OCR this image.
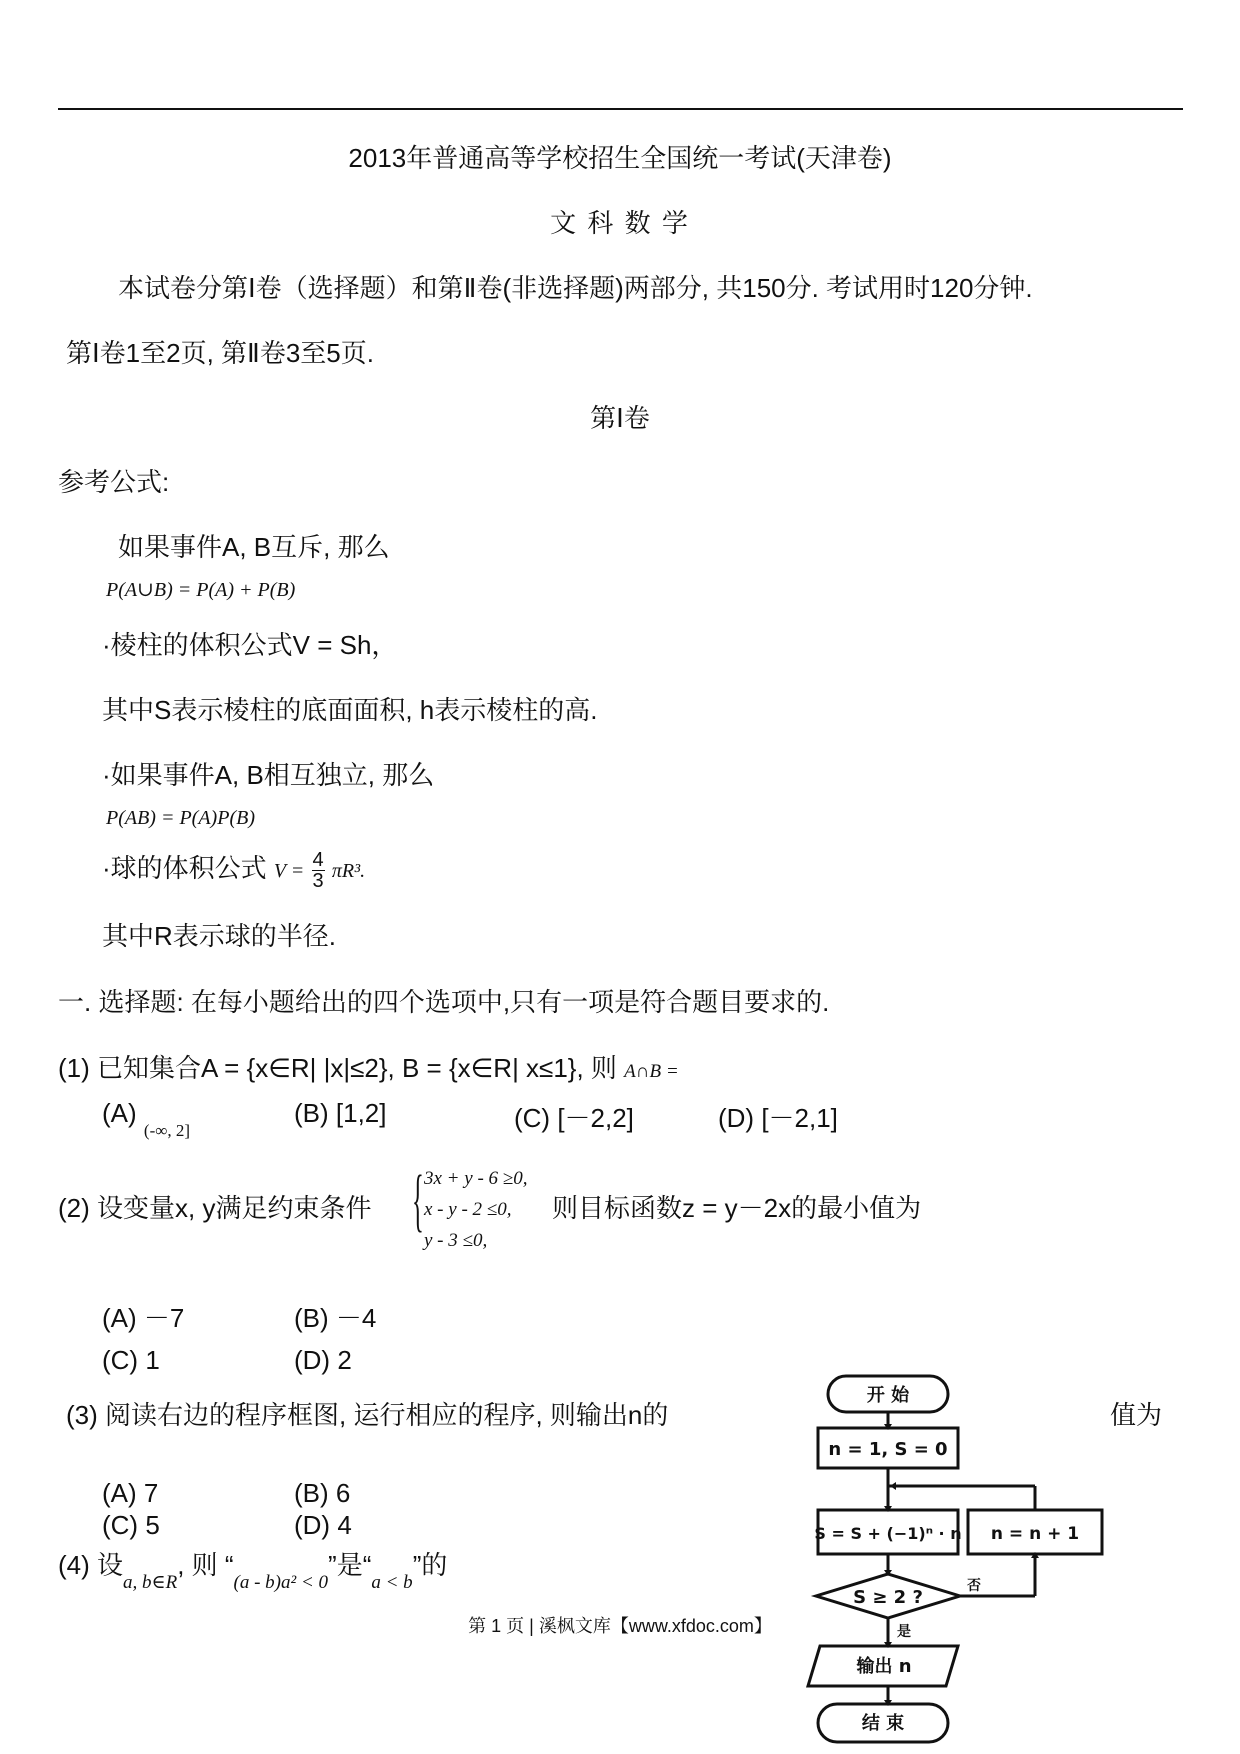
2013年普通高等学校招生全国统一考试(天津卷)
文 科 数 学
本试卷分第Ⅰ卷（选择题）和第Ⅱ卷(非选择题)两部分, 共150分. 考试用时120分钟.
第Ⅰ卷1至2页, 第Ⅱ卷3至5页.
第Ⅰ卷
参考公式:
如果事件A, B互斥, 那么
P(A∪B) = P(A) + P(B)
·棱柱的体积公式V = Sh，
其中S表示棱柱的底面面积, h表示棱柱的高.
·如果事件A, B相互独立, 那么
P(AB) = P(A)P(B)
·球的体积公式 $V = \frac{4}{3} \pi R^3$.
其中R表示球的半径.
一. 选择题: 在每小题给出的四个选项中,只有一项是符合题目要求的.
(1) 已知集合A = {x∈R| |x|≤2}, B = {x∈R| x≤1}, 则 A∩B =
(A) $_{(-\infty, 2]}$
(B) [1,2]	(C) [－2,2]	(D) [－2,1]
(2) 设变量x, y满足约束条件 { 3x + y - 6 ≥0,
x - y - 2 ≤0,
y - 3 ≤0,
则目标函数z = y－2x的最小值为
(A) －7	(B) －4
(C) 1	(D) 2
(3) 阅读右边的程序框图, 运行相应的程序, 则输出n的	值为
(A) 7	(B) 6
(C) 5	(D) 4
(4) 设$_{a, b\in R}$, 则 “$_{(a - b)a^2 < 0}$”是“$_{a < b}$”的
开 始
n = 1, S = 0
S = S + (−1)ⁿ · n n = n + 1
S ≥ 2 ?
否
是
输出 n
结 束
第 1 页 | 溪枫文库【www.xfdoc.com】
